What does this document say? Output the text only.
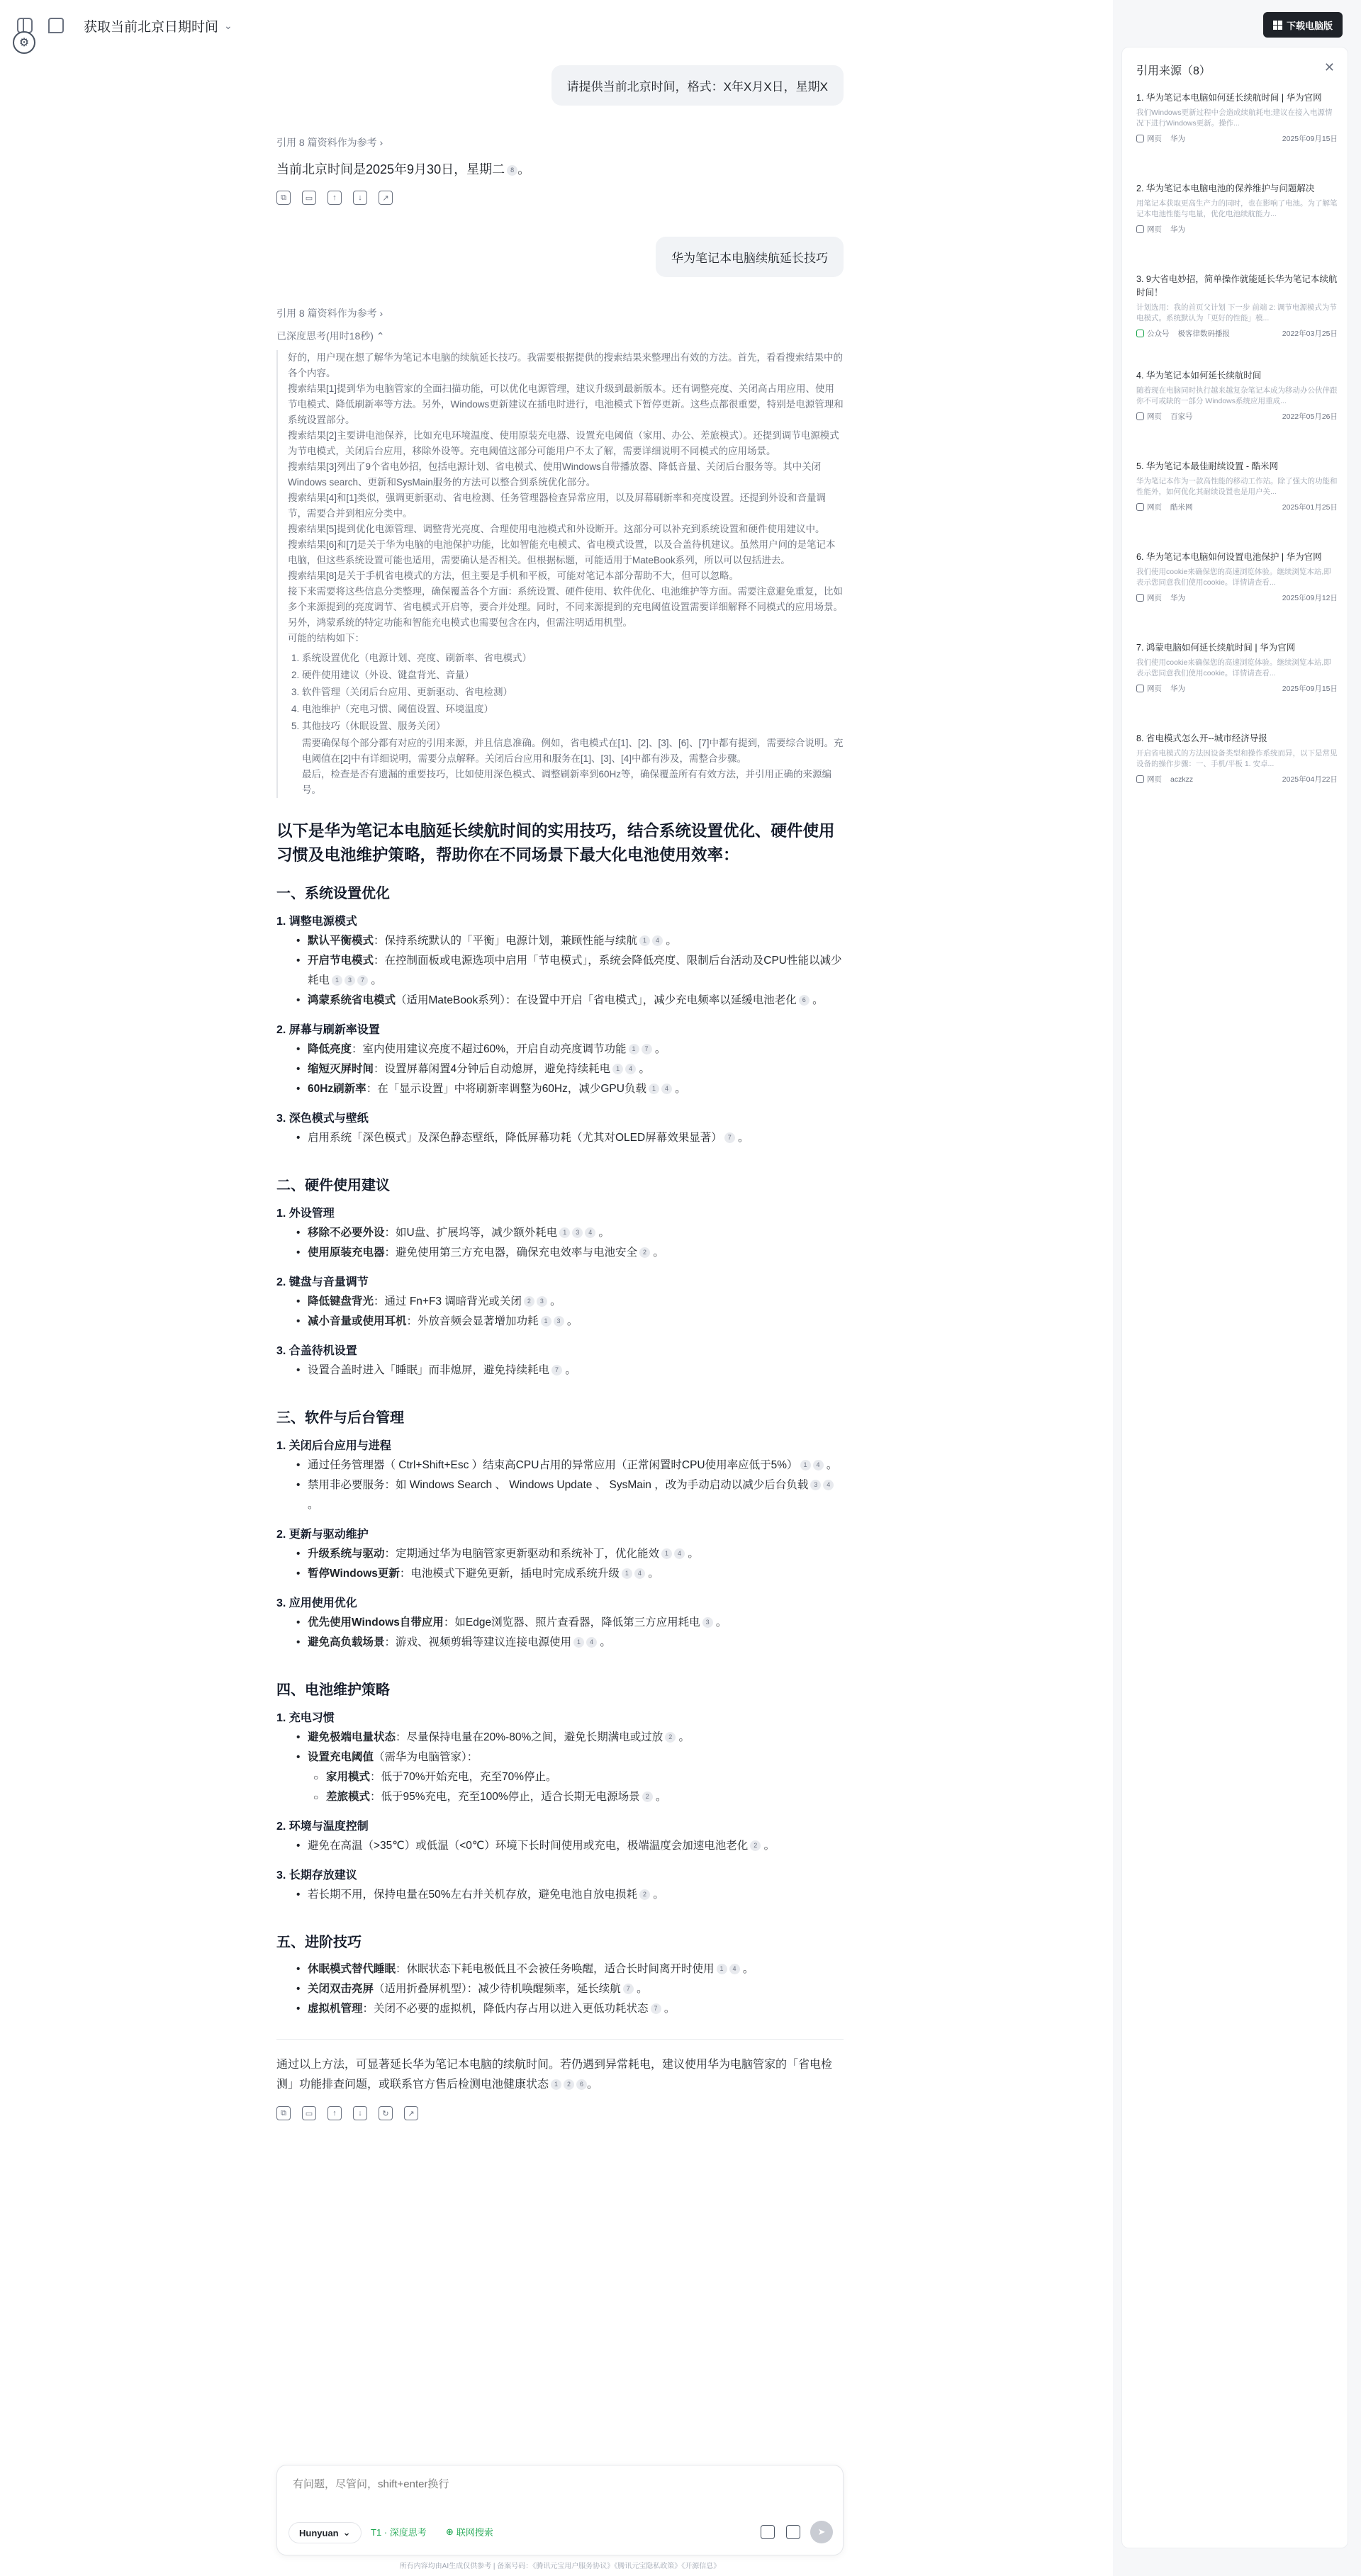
获取当前北京日期时间 ⌄
⚙
请提供当前北京时间，格式：X年X月X日，星期X
引用 8 篇资料作为参考 ›
当前北京时间是2025年9月30日，星期二 8 。
⧉	▭	↑	↓	↗
华为笔记本电脑续航延长技巧
引用 8 篇资料作为参考 ›
已深度思考(用时18秒) ⌃

好的，用户现在想了解华为笔记本电脑的续航延长技巧。我需要根据提供的搜索结果来整理出有效的方法。首先，看看搜索结果中的各个内容。

搜索结果[1]提到华为电脑管家的全面扫描功能，可以优化电源管理，建议升级到最新版本。还有调整亮度、关闭高占用应用、使用节电模式、降低刷新率等方法。另外，Windows更新建议在插电时进行，电池模式下暂停更新。这些点都很重要，特别是电源管理和系统设置部分。

搜索结果[2]主要讲电池保养，比如充电环境温度、使用原装充电器、设置充电阈值（家用、办公、差旅模式）。还提到调节电源模式为节电模式，关闭后台应用，移除外设等。充电阈值这部分可能用户不太了解，需要详细说明不同模式的应用场景。

搜索结果[3]列出了9个省电妙招，包括电源计划、省电模式、使用Windows自带播放器、降低音量、关闭后台服务等。其中关闭Windows search、更新和SysMain服务的方法可以整合到系统优化部分。

搜索结果[4]和[1]类似，强调更新驱动、省电检测、任务管理器检查异常应用，以及屏幕刷新率和亮度设置。还提到外设和音量调节，需要合并到相应分类中。

搜索结果[5]提到优化电源管理、调整背光亮度、合理使用电池模式和外设断开。这部分可以补充到系统设置和硬件使用建议中。

搜索结果[6]和[7]是关于华为电脑的电池保护功能，比如智能充电模式、省电模式设置，以及合盖待机建议。虽然用户问的是笔记本电脑，但这些系统设置可能也适用，需要确认是否相关。但根据标题，可能适用于MateBook系列，所以可以包括进去。

搜索结果[8]是关于手机省电模式的方法，但主要是手机和平板，可能对笔记本部分帮助不大，但可以忽略。

接下来需要将这些信息分类整理，确保覆盖各个方面：系统设置、硬件使用、软件优化、电池维护等方面。需要注意避免重复，比如多个来源提到的亮度调节、省电模式开启等，要合并处理。同时，不同来源提到的充电阈值设置需要详细解释不同模式的应用场景。另外，鸿蒙系统的特定功能和智能充电模式也需要包含在内，但需注明适用机型。

可能的结构如下：

1. 系统设置优化（电源计划、亮度、刷新率、省电模式）
2. 硬件使用建议（外设、键盘背光、音量）
3. 软件管理（关闭后台应用、更新驱动、省电检测）
4. 电池维护（充电习惯、阈值设置、环境温度）
5. 其他技巧（休眠设置、服务关闭）

需要确保每个部分都有对应的引用来源，并且信息准确。例如，省电模式在[1]、[2]、[3]、[6]、[7]中都有提到，需要综合说明。充电阈值在[2]中有详细说明，需要分点解释。关闭后台应用和服务在[1]、[3]、[4]中都有涉及，需整合步骤。

最后，检查是否有遗漏的重要技巧，比如使用深色模式、调整刷新率到60Hz等，确保覆盖所有有效方法，并引用正确的来源编号。

以下是华为笔记本电脑延长续航时间的实用技巧，结合系统设置优化、硬件使用习惯及电池维护策略，帮助你在不同场景下最大化电池使用效率：
一、系统设置优化
1. 调整电源模式
• 默认平衡模式：保持系统默认的「平衡」电源计划，兼顾性能与续航 1 4 。
• 开启节电模式：在控制面板或电源选项中启用「节电模式」，系统会降低亮度、限制后台活动及CPU性能以减少耗电 1 3 7 。
• 鸿蒙系统省电模式（适用MateBook系列）：在设置中开启「省电模式」，减少充电频率以延缓电池老化 6 。
2. 屏幕与刷新率设置
• 降低亮度：室内使用建议亮度不超过60%，开启自动亮度调节功能 1 7 。
• 缩短灭屏时间：设置屏幕闲置4分钟后自动熄屏，避免持续耗电 1 4 。
• 60Hz刷新率：在「显示设置」中将刷新率调整为60Hz，减少GPU负载 1 4 。
3. 深色模式与壁纸
• 启用系统「深色模式」及深色静态壁纸，降低屏幕功耗（尤其对OLED屏幕效果显著） 7 。
二、硬件使用建议
1. 外设管理
• 移除不必要外设：如U盘、扩展坞等，减少额外耗电 1 3 4 。
• 使用原装充电器：避免使用第三方充电器，确保充电效率与电池安全 2 。
2. 键盘与音量调节
• 降低键盘背光：通过 Fn+F3 调暗背光或关闭 2 3 。
• 减小音量或使用耳机：外放音频会显著增加功耗 1 3 。
3. 合盖待机设置
• 设置合盖时进入「睡眠」而非熄屏，避免持续耗电 7 。
三、软件与后台管理
1. 关闭后台应用与进程
• 通过任务管理器（ Ctrl+Shift+Esc ）结束高CPU占用的异常应用（正常闲置时CPU使用率应低于5%） 1 4 。
• 禁用非必要服务：如 Windows Search 、 Windows Update 、 SysMain ，改为手动启动以减少后台负载 3 4 。
2. 更新与驱动维护
• 升级系统与驱动：定期通过华为电脑管家更新驱动和系统补丁，优化能效 1 4 。
• 暂停Windows更新：电池模式下避免更新，插电时完成系统升级 1 4 。
3. 应用使用优化
• 优先使用Windows自带应用：如Edge浏览器、照片查看器，降低第三方应用耗电 3 。
• 避免高负载场景：游戏、视频剪辑等建议连接电源使用 1 4 。
四、电池维护策略
1. 充电习惯
• 避免极端电量状态：尽量保持电量在20%-80%之间，避免长期满电或过放 2 。
• 设置充电阈值（需华为电脑管家）：
○ 家用模式：低于70%开始充电，充至70%停止。
○ 差旅模式：低于95%充电，充至100%停止，适合长期无电源场景 2 。
2. 环境与温度控制
• 避免在高温（>35℃）或低温（<0℃）环境下长时间使用或充电，极端温度会加速电池老化 2 。
3. 长期存放建议
• 若长期不用，保持电量在50%左右并关机存放，避免电池自放电损耗 2 。
五、进阶技巧
• 休眠模式替代睡眠：休眠状态下耗电极低且不会被任务唤醒，适合长时间离开时使用 1 4 。
• 关闭双击亮屏（适用折叠屏机型）：减少待机唤醒频率，延长续航 7 。
• 虚拟机管理：关闭不必要的虚拟机，降低内存占用以进入更低功耗状态 7 。

通过以上方法，可显著延长华为笔记本电脑的续航时间。若仍遇到异常耗电，建议使用华为电脑管家的「省电检测」功能排查问题，或联系官方售后检测电池健康状态 1 2 6 。

⧉	▭	↑	↓	↻	↗
有问题，尽管问，shift+enter换行
Hunyuan ⌄ T1 · 深度思考 ⊕ 联网搜索	➤
所有内容均由AI生成仅供参考 | 备案号码：《腾讯元宝用户服务协议》《腾讯元宝隐私政策》《开源信息》
下载电脑版
引用来源（8）	✕
1. 华为笔记本电脑如何延长续航时间 | 华为官网
我们Windows更新过程中会造成续航耗电;建议在接入电源情况下进行Windows更新。操作...
网页 华为	2025年09月15日
2. 华为笔记本电脑电池的保养维护与问题解决
用笔记本获取更高生产力的同时，也在影响了电池。为了解笔记本电池性能与电量，优化电池续航能力...
网页 华为
3. 9大省电妙招，简单操作就能延长华为笔记本续航时间！
计划选用：我的首页父计划 下一步 前端 2: 调节电源模式为节电模式。系统默认为「更好的性能」模...
公众号 极客律数码播报	2022年03月25日
4. 华为笔记本如何延长续航时间
随着现在电脑同时执行越来越复杂笔记本成为移动办公伙伴跟你不可或缺的一部分 Windows系统应用重成...
网页 百家号	2022年05月26日
5. 华为笔记本最佳耐续设置 - 酷米网
华为笔记本作为一款高性能的移动工作站。除了强大的功能和性能外，如何优化其耐续设置也是用户关...
网页 酷米网	2025年01月25日
6. 华为笔记本电脑如何设置电池保护 | 华为官网
我们使用cookie来确保您的高速浏览体验。继续浏览本站,即表示您同意我们使用cookie。详情请查看...
网页 华为	2025年09月12日
7. 鸿蒙电脑如何延长续航时间 | 华为官网
我们使用cookie来确保您的高速浏览体验。继续浏览本站,即表示您同意我们使用cookie。详情请查看...
网页 华为	2025年09月15日
8. 省电模式怎么开--城市经济导报
开启省电模式的方法因设备类型和操作系统而异，以下是常见设备的操作步骤：一、手机/平板 1. 安卓...
网页 aczkzz	2025年04月22日
